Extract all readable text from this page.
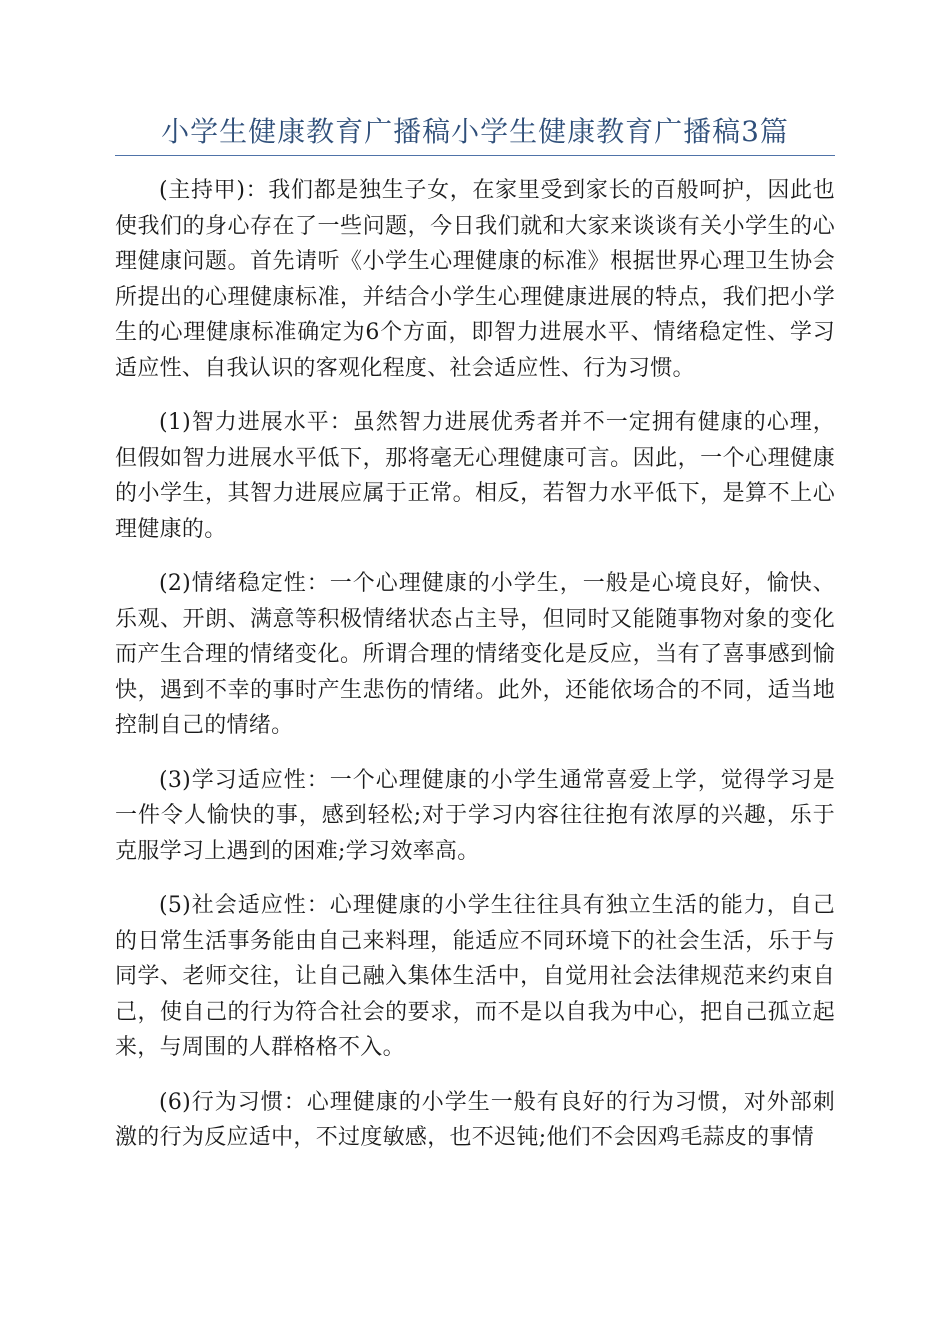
小学生健康教育广播稿小学生健康教育广播稿3篇

(主持甲)：我们都是独生子女，在家里受到家长的百般呵护，因此也使我们的身心存在了一些问题，今日我们就和大家来谈谈有关小学生的心理健康问题。首先请听《小学生心理健康的标准》根据世界心理卫生协会所提出的心理健康标准，并结合小学生心理健康进展的特点，我们把小学生的心理健康标准确定为6个方面，即智力进展水平、情绪稳定性、学习适应性、自我认识的客观化程度、社会适应性、行为习惯。

(1)智力进展水平：虽然智力进展优秀者并不一定拥有健康的心理，但假如智力进展水平低下，那将毫无心理健康可言。因此，一个心理健康的小学生，其智力进展应属于正常。相反，若智力水平低下，是算不上心理健康的。

(2)情绪稳定性：一个心理健康的小学生，一般是心境良好，愉快、乐观、开朗、满意等积极情绪状态占主导，但同时又能随事物对象的变化而产生合理的情绪变化。所谓合理的情绪变化是反应，当有了喜事感到愉快，遇到不幸的事时产生悲伤的情绪。此外，还能依场合的不同，适当地控制自己的情绪。

(3)学习适应性：一个心理健康的小学生通常喜爱上学，觉得学习是一件令人愉快的事，感到轻松;对于学习内容往往抱有浓厚的兴趣，乐于克服学习上遇到的困难;学习效率高。

(5)社会适应性：心理健康的小学生往往具有独立生活的能力，自己的日常生活事务能由自己来料理，能适应不同环境下的社会生活，乐于与同学、老师交往，让自己融入集体生活中，自觉用社会法律规范来约束自己，使自己的行为符合社会的要求，而不是以自我为中心，把自己孤立起来，与周围的人群格格不入。

(6)行为习惯：心理健康的小学生一般有良好的行为习惯，对外部刺激的行为反应适中，不过度敏感，也不迟钝;他们不会因鸡毛蒜皮的事情
